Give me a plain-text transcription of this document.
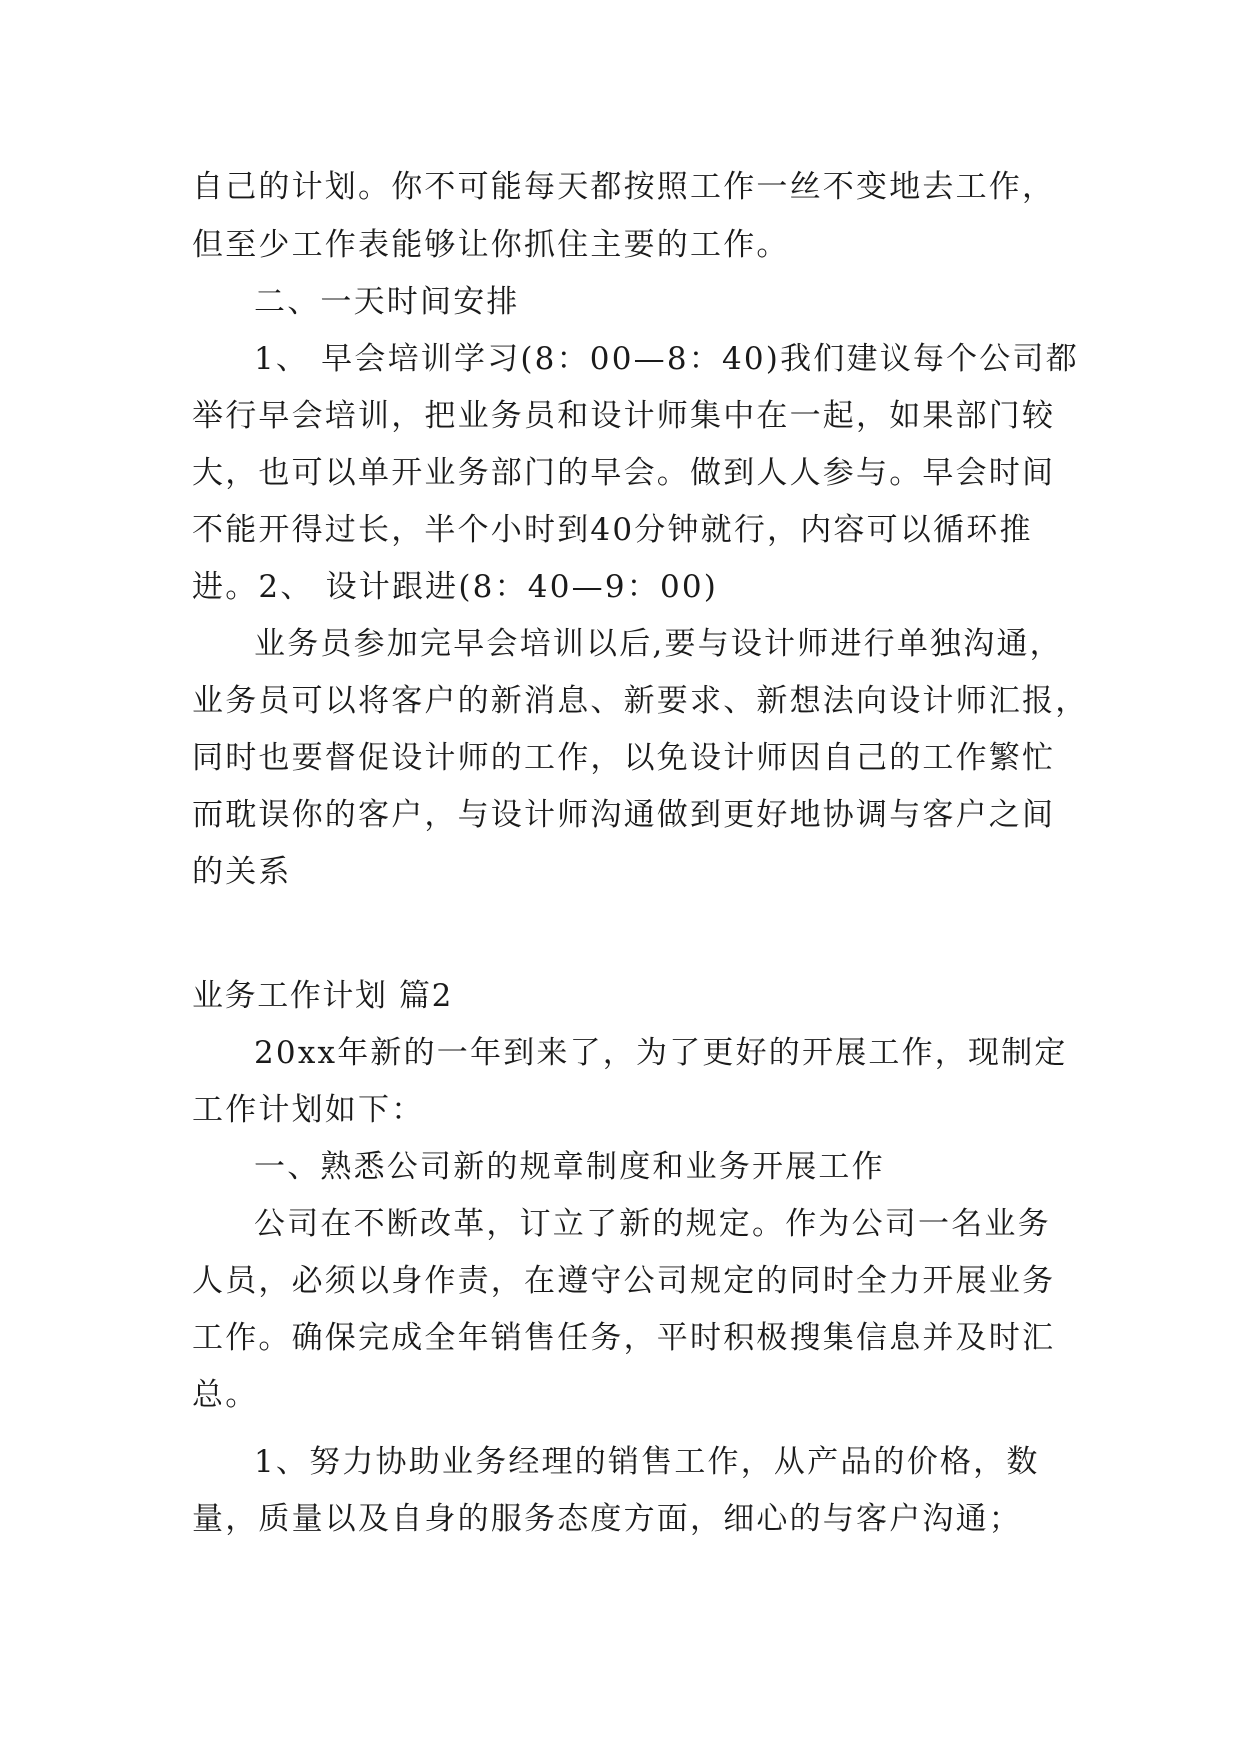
自己的计划。你不可能每天都按照工作一丝不变地去工作，

但至少工作表能够让你抓住主要的工作。

二、一天时间安排

1、 早会培训学习(8：00—8：40)我们建议每个公司都

举行早会培训，把业务员和设计师集中在一起，如果部门较

大，也可以单开业务部门的早会。做到人人参与。早会时间

不能开得过长，半个小时到40分钟就行，内容可以循环推

进。2、 设计跟进(8：40—9：00)

业务员参加完早会培训以后,要与设计师进行单独沟通，

业务员可以将客户的新消息、新要求、新想法向设计师汇报，

同时也要督促设计师的工作，以免设计师因自己的工作繁忙

而耽误你的客户，与设计师沟通做到更好地协调与客户之间

的关系

业务工作计划 篇2

20xx年新的一年到来了，为了更好的开展工作，现制定

工作计划如下：

一、熟悉公司新的规章制度和业务开展工作

公司在不断改革，订立了新的规定。作为公司一名业务

人员，必须以身作责，在遵守公司规定的同时全力开展业务

工作。确保完成全年销售任务，平时积极搜集信息并及时汇

总。

1、努力协助业务经理的销售工作，从产品的价格，数

量，质量以及自身的服务态度方面，细心的与客户沟通；
